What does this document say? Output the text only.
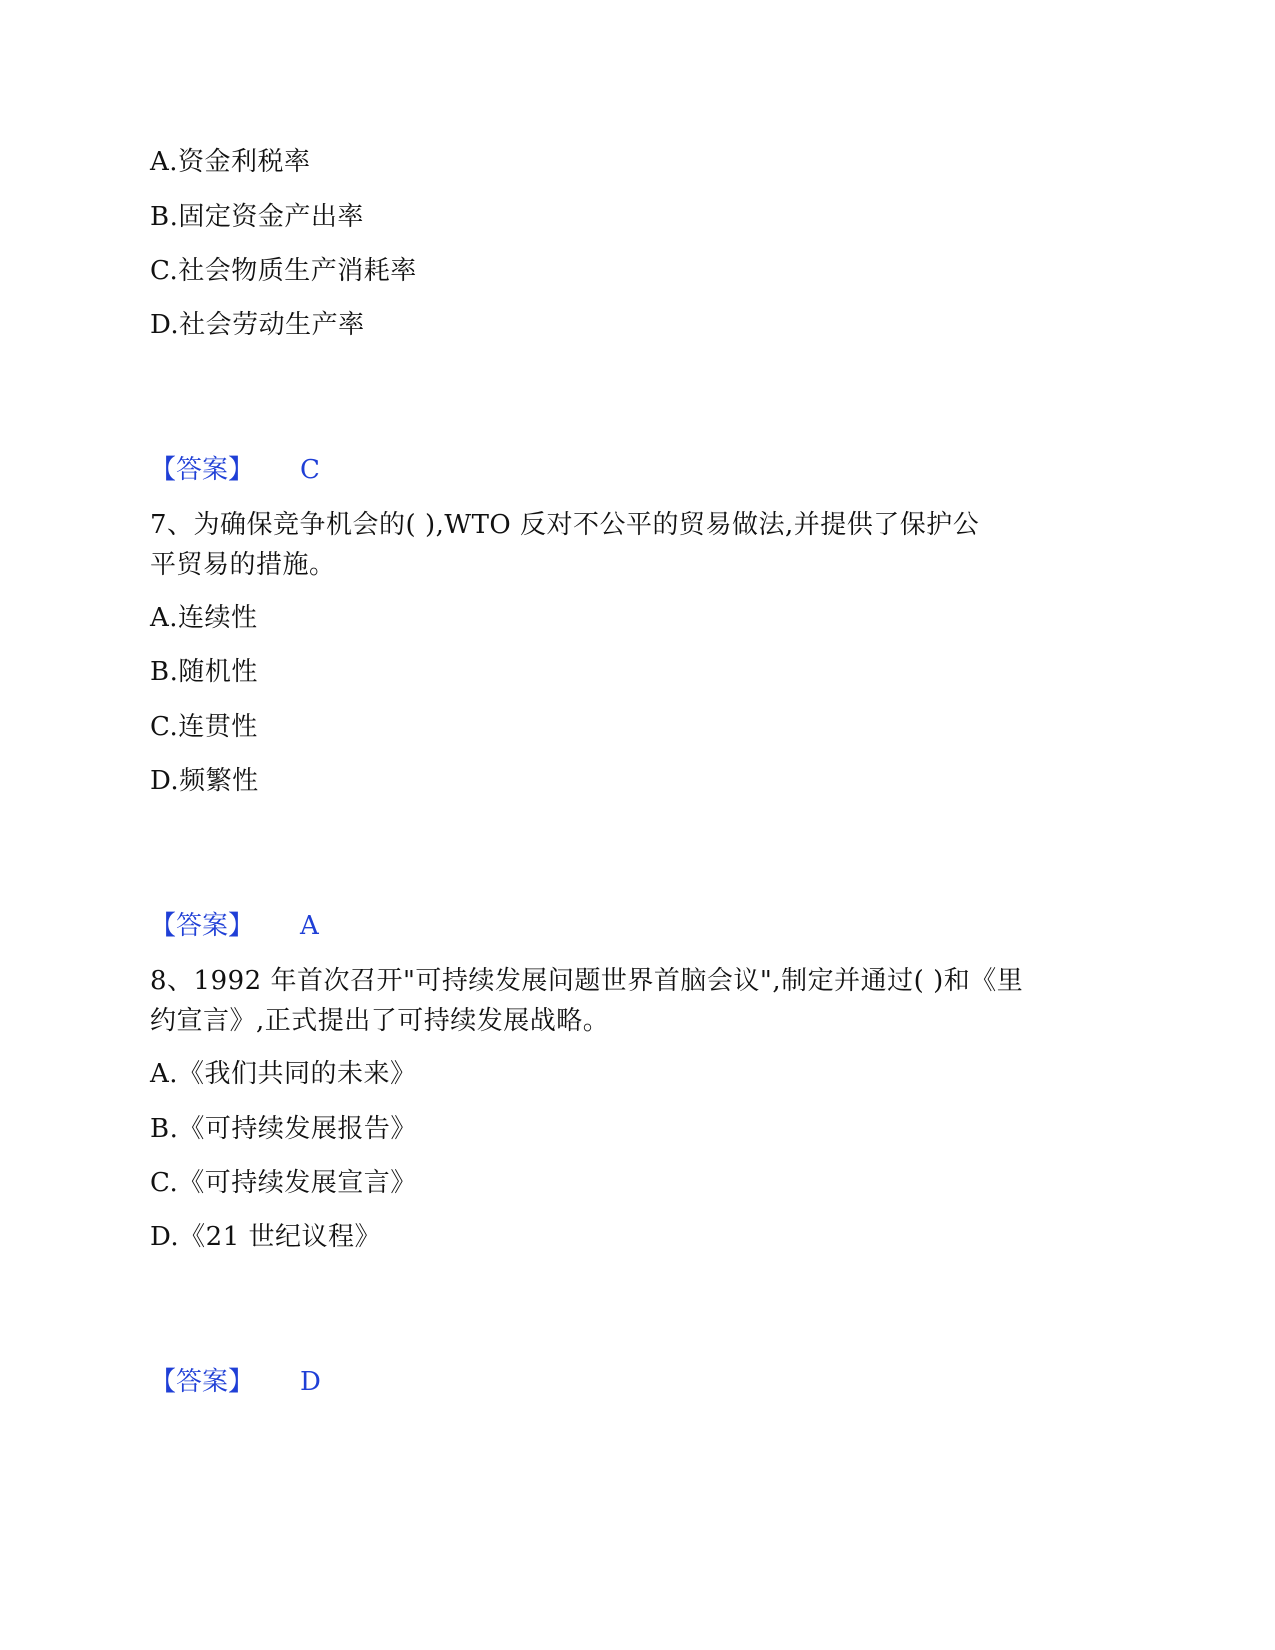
A.资金利税率
B.固定资金产出率
C.社会物质生产消耗率
D.社会劳动生产率
【答案】 C
7、为确保竞争机会的( ),WTO 反对不公平的贸易做法,并提供了保护公
平贸易的措施。
A.连续性
B.随机性
C.连贯性
D.频繁性
【答案】 A
8、1992 年首次召开"可持续发展问题世界首脑会议",制定并通过( )和《里
约宣言》,正式提出了可持续发展战略。
A.《我们共同的未来》
B.《可持续发展报告》
C.《可持续发展宣言》
D.《21 世纪议程》
【答案】 D
